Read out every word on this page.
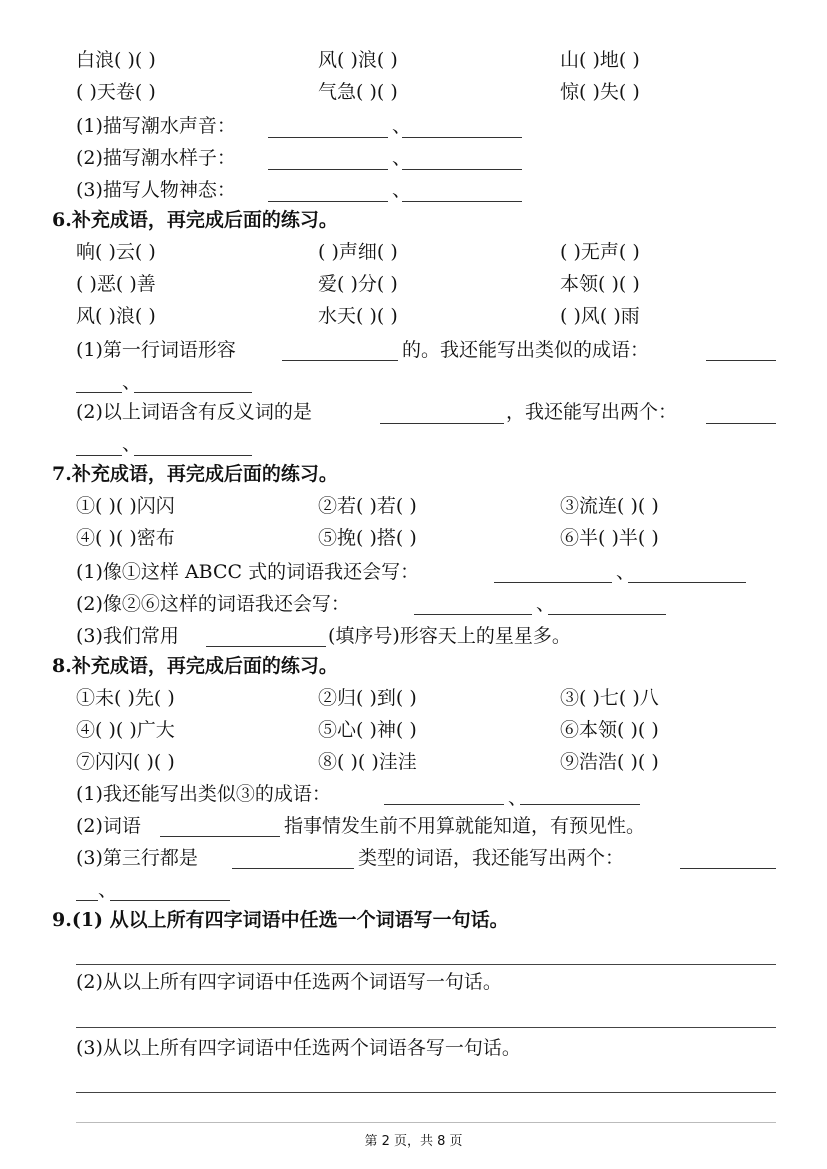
白浪( )( )	风( )浪( )	山( )地( )
( )天卷( )	气急( )( )	惊( )失( )
(1)描写潮水声音：	、
(2)描写潮水样子：	、
(3)描写人物神态：	、
6.补充成语，再完成后面的练习。
响( )云( )	( )声细( )	( )无声( )
( )恶( )善	爱( )分( )	本领( )( )
风( )浪( )	水天( )( )	( )风( )雨
(1)第一行词语形容	的。我还能写出类似的成语：
、
(2)以上词语含有反义词的是	，我还能写出两个：
、
7.补充成语，再完成后面的练习。
①( )( )闪闪	②若( )若( )	③流连( )( )
④( )( )密布	⑤挽( )搭( )	⑥半( )半( )
(1)像①这样 ABCC 式的词语我还会写：	、
(2)像②⑥这样的词语我还会写：	、
(3)我们常用	(填序号)形容天上的星星多。
8.补充成语，再完成后面的练习。
①未( )先( )	②归( )到( )	③( )七( )八
④( )( )广大	⑤心( )神( )	⑥本领( )( )
⑦闪闪( )( )	⑧( )( )洼洼	⑨浩浩( )( )
(1)我还能写出类似③的成语：	、
(2)词语	指事情发生前不用算就能知道，有预见性。
(3)第三行都是	类型的词语，我还能写出两个：
、
9.(1) 从以上所有四字词语中任选一个词语写一句话。
(2)从以上所有四字词语中任选两个词语写一句话。
(3)从以上所有四字词语中任选两个词语各写一句话。
第 2 页，共 8 页
